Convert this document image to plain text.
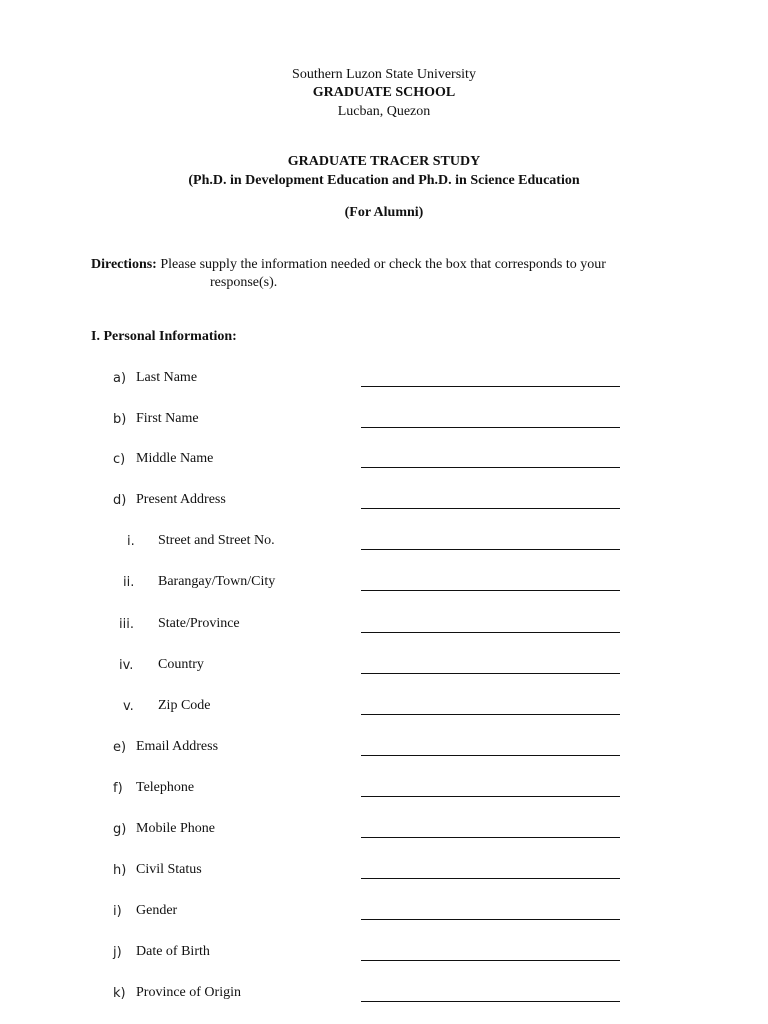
Southern Luzon State University
GRADUATE SCHOOL
Lucban, Quezon
GRADUATE TRACER STUDY
(Ph.D. in Development Education and Ph.D. in Science Education
(For Alumni)
Directions: Please supply the information needed or check the box that corresponds to your
response(s).
I. Personal Information:
a) Last Name
b) First Name
c) Middle Name
d) Present Address
i. Street and Street No.
ii. Barangay/Town/City
iii. State/Province
iv. Country
v. Zip Code
e) Email Address
f) Telephone
g) Mobile Phone
h) Civil Status
i) Gender
j) Date of Birth
k) Province of Origin
